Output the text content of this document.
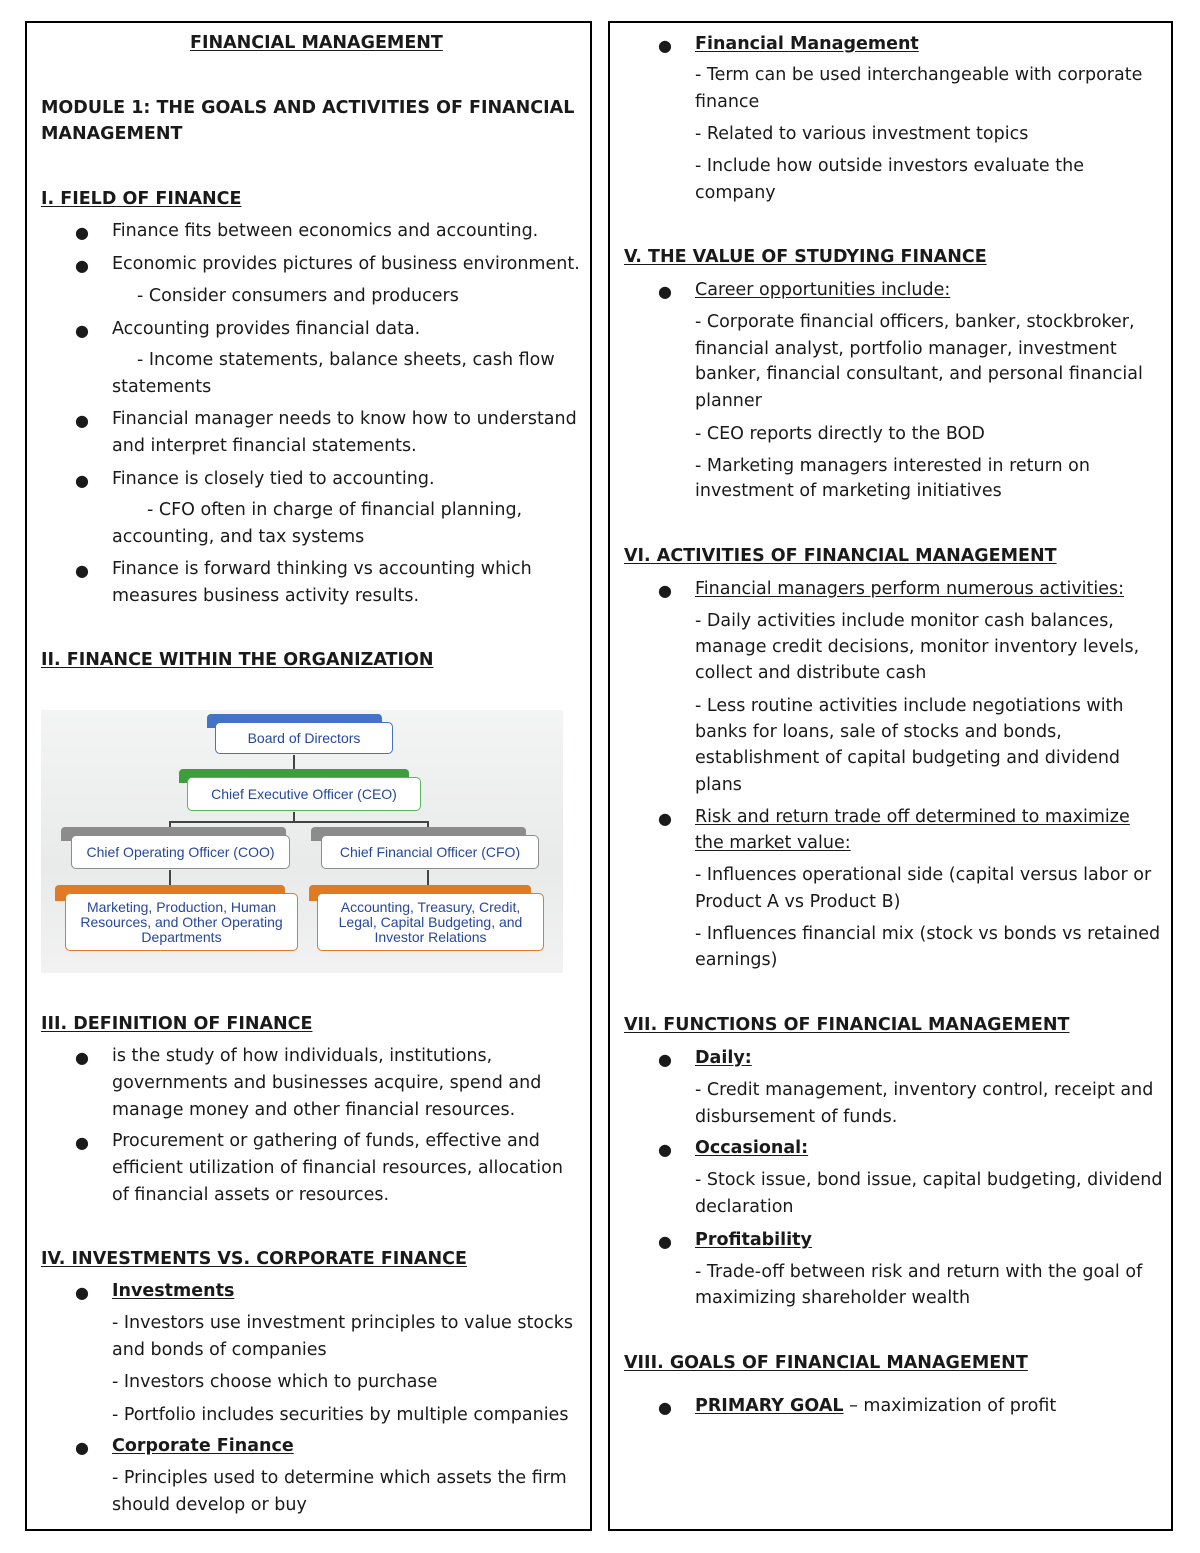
FINANCIAL MANAGEMENT
MODULE 1: THE GOALS AND ACTIVITIES OF FINANCIAL
MANAGEMENT
I. FIELD OF FINANCE
●
Finance fits between economics and accounting.
●
Economic provides pictures of business environment.
- Consider consumers and producers
●
Accounting provides financial data.
- Income statements, balance sheets, cash flow
statements
●
Financial manager needs to know how to understand
and interpret financial statements.
●
Finance is closely tied to accounting.
- CFO often in charge of financial planning,
accounting, and tax systems
●
Finance is forward thinking vs accounting which
measures business activity results.
II. FINANCE WITHIN THE ORGANIZATION
Board of Directors
Chief Executive Officer (CEO)
Chief Operating Officer (COO)	Chief Financial Officer (CFO)
Marketing, Production, Human
Resources, and Other Operating
Departments
Accounting, Treasury, Credit,
Legal, Capital Budgeting, and
Investor Relations
III. DEFINITION OF FINANCE
●
is the study of how individuals, institutions,
governments and businesses acquire, spend and
manage money and other financial resources.
●
Procurement or gathering of funds, effective and
efficient utilization of financial resources, allocation
of financial assets or resources.
IV. INVESTMENTS VS. CORPORATE FINANCE
●
Investments
- Investors use investment principles to value stocks
and bonds of companies
- Investors choose which to purchase
- Portfolio includes securities by multiple companies
●
Corporate Finance
- Principles used to determine which assets the firm
should develop or buy
●
Financial Management
- Term can be used interchangeable with corporate
finance
- Related to various investment topics
- Include how outside investors evaluate the
company
V. THE VALUE OF STUDYING FINANCE
●
Career opportunities include:
- Corporate financial officers, banker, stockbroker,
financial analyst, portfolio manager, investment
banker, financial consultant, and personal financial
planner
- CEO reports directly to the BOD
- Marketing managers interested in return on
investment of marketing initiatives
VI. ACTIVITIES OF FINANCIAL MANAGEMENT
●
Financial managers perform numerous activities:
- Daily activities include monitor cash balances,
manage credit decisions, monitor inventory levels,
collect and distribute cash
- Less routine activities include negotiations with
banks for loans, sale of stocks and bonds,
establishment of capital budgeting and dividend
plans
●
Risk and return trade off determined to maximize
the market value:
- Influences operational side (capital versus labor or
Product A vs Product B)
- Influences financial mix (stock vs bonds vs retained
earnings)
VII. FUNCTIONS OF FINANCIAL MANAGEMENT
●
Daily:
- Credit management, inventory control, receipt and
disbursement of funds.
●
Occasional:
- Stock issue, bond issue, capital budgeting, dividend
declaration
●
Profitability
- Trade-off between risk and return with the goal of
maximizing shareholder wealth
VIII. GOALS OF FINANCIAL MANAGEMENT
●
PRIMARY GOAL – maximization of profit
